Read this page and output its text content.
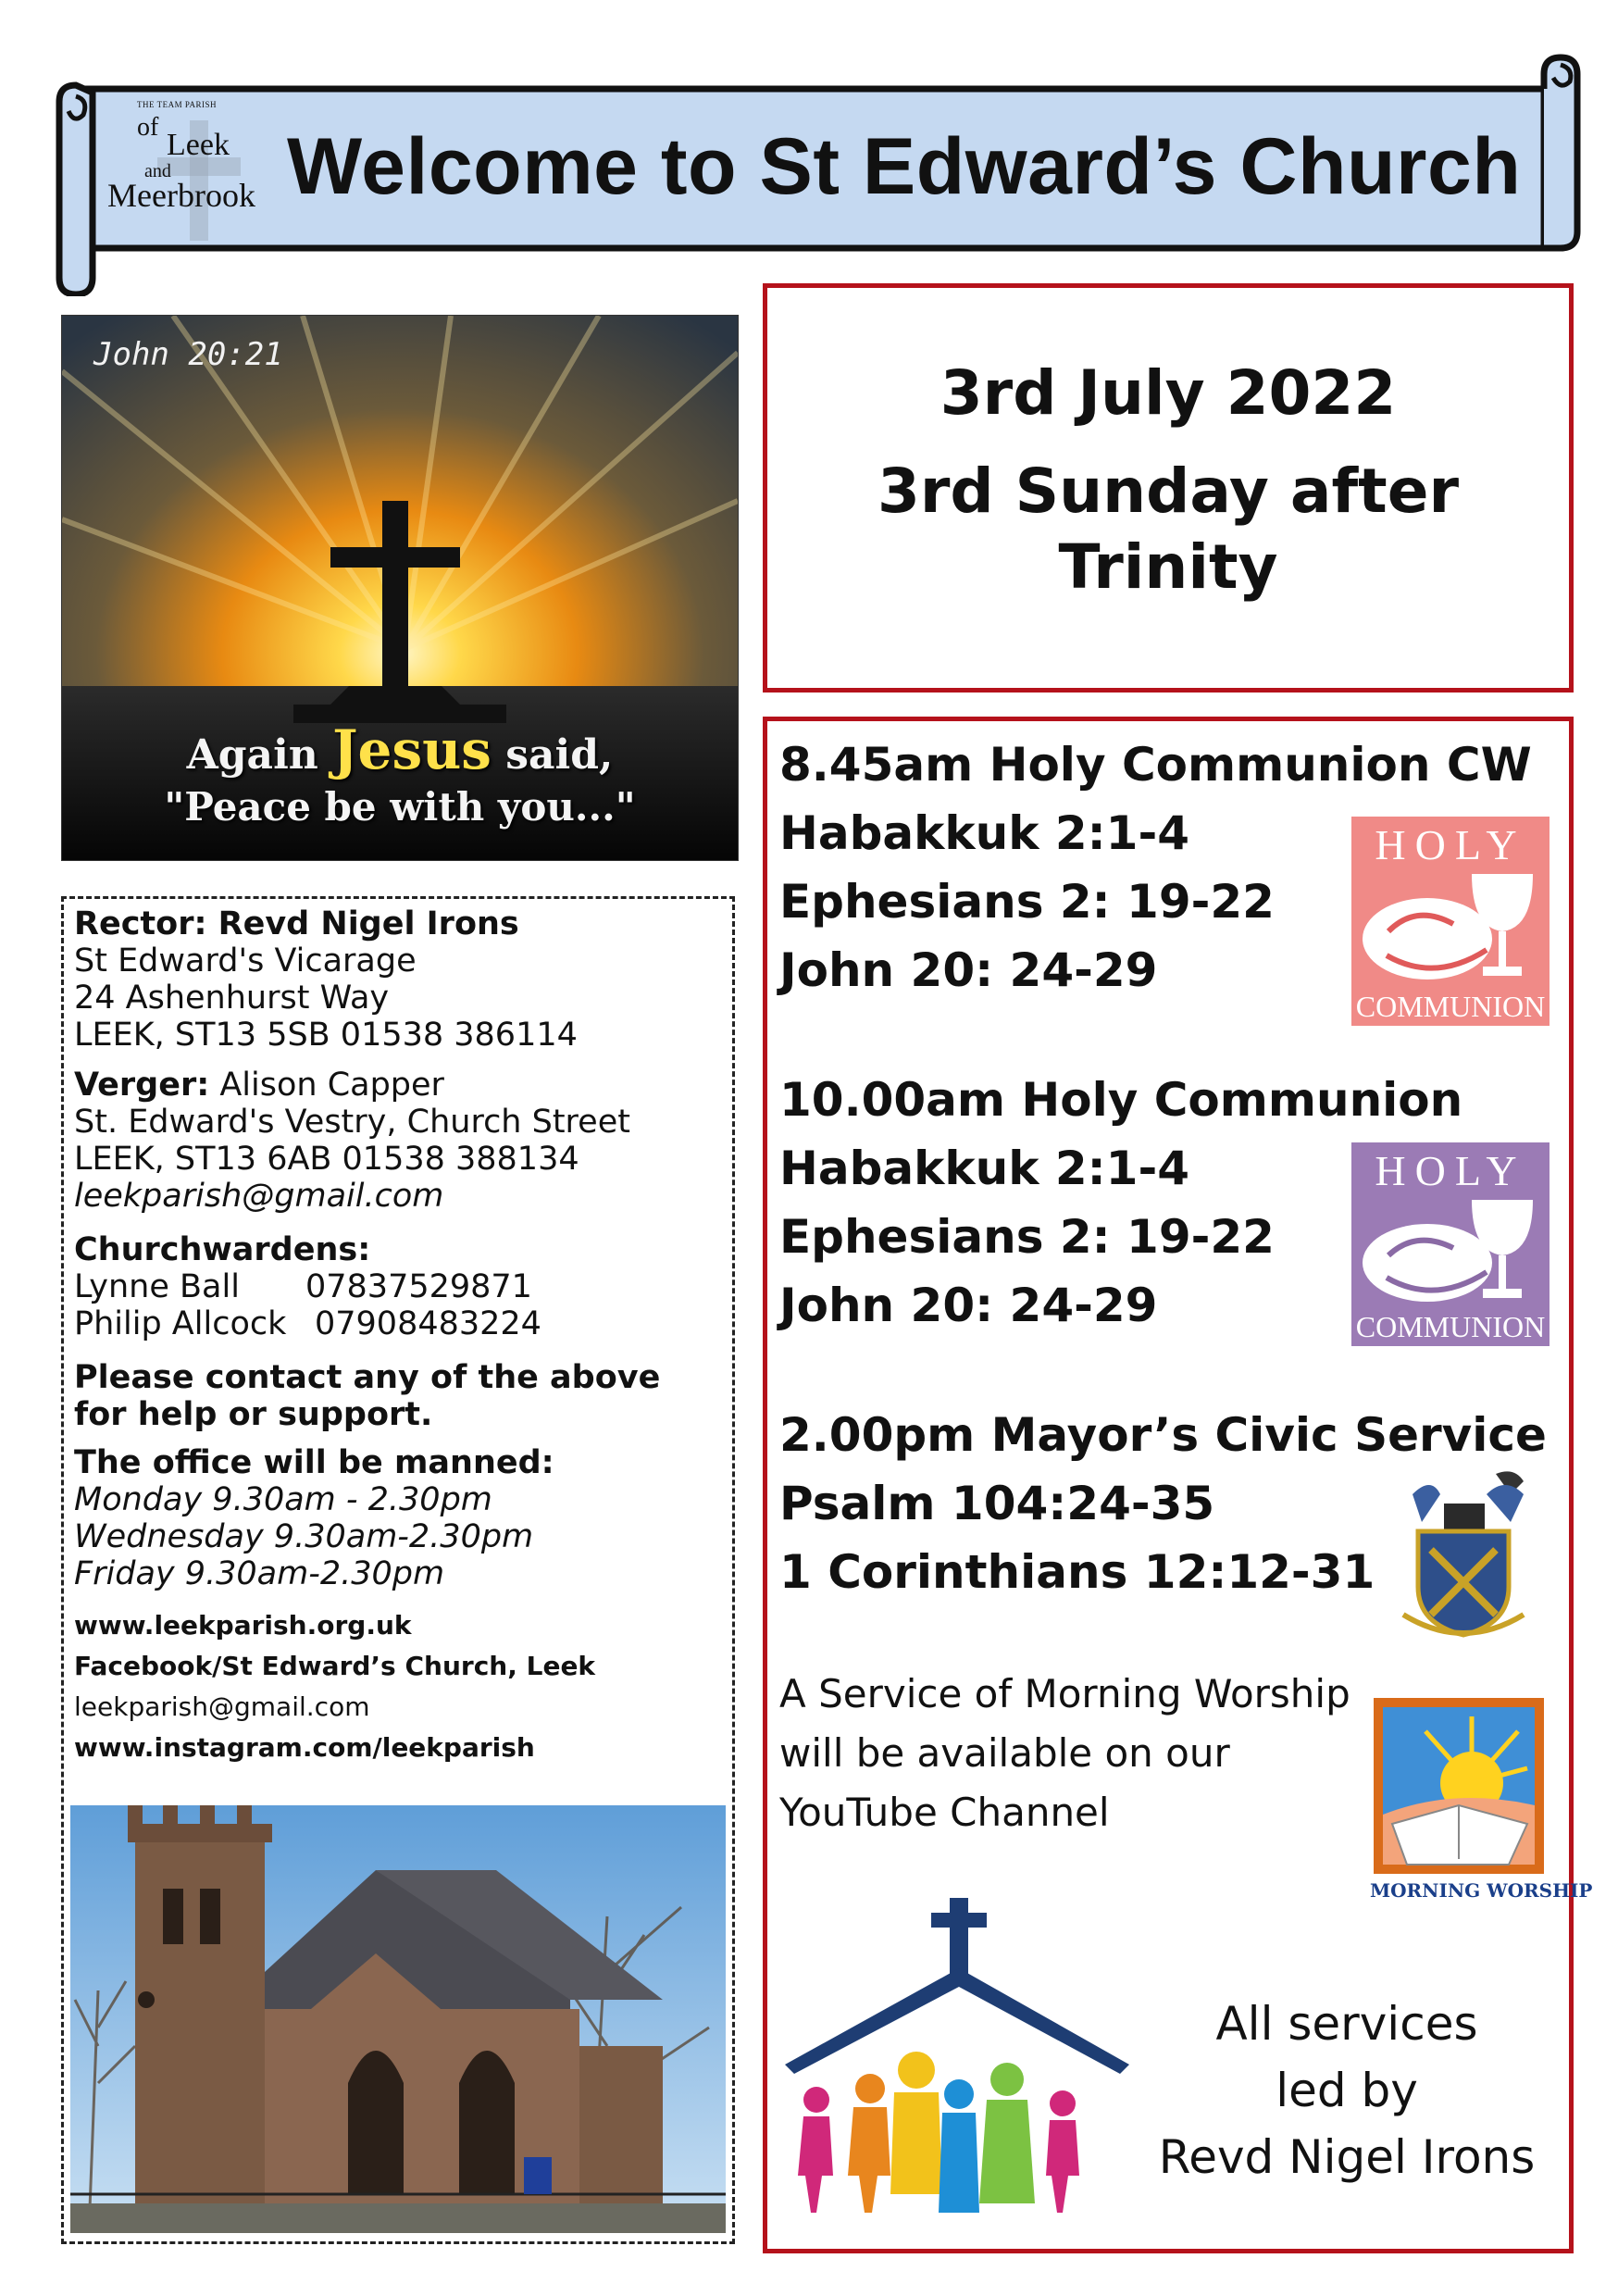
THE TEAM PARISH
of
Leek
and
Meerbrook Welcome to St Edward’s Church
John 20:21
Again Jesus said,
"Peace be with you..."
Rector: Revd Nigel Irons
St Edward's Vicarage
24 Ashenhurst Way
LEEK, ST13 5SB 01538 386114
Verger: Alison Capper
St. Edward's Vestry, Church Street
LEEK, ST13 6AB 01538 388134
leekparish@gmail.com
Churchwardens:
Lynne Ball 07837529871
Philip Allcock 07908483224
Please contact any of the above
for help or support.
The office will be manned:
Monday 9.30am - 2.30pm
Wednesday 9.30am-2.30pm
Friday 9.30am-2.30pm
www.leekparish.org.uk
Facebook/St Edward’s Church, Leek
leekparish@gmail.com
www.instagram.com/leekparish
3rd July 2022
3rd Sunday after
Trinity
8.45am Holy Communion CW
Habakkuk 2:1-4
Ephesians 2: 19-22
John 20: 24-29
HOLY
COMMUNION
10.00am Holy Communion
Habakkuk 2:1-4
Ephesians 2: 19-22
John 20: 24-29
HOLY
COMMUNION
2.00pm Mayor’s Civic Service
Psalm 104:24-35
1 Corinthians 12:12-31
A Service of Morning Worship
will be available on our
YouTube Channel
MORNING WORSHIP
All services
led by
Revd Nigel Irons
